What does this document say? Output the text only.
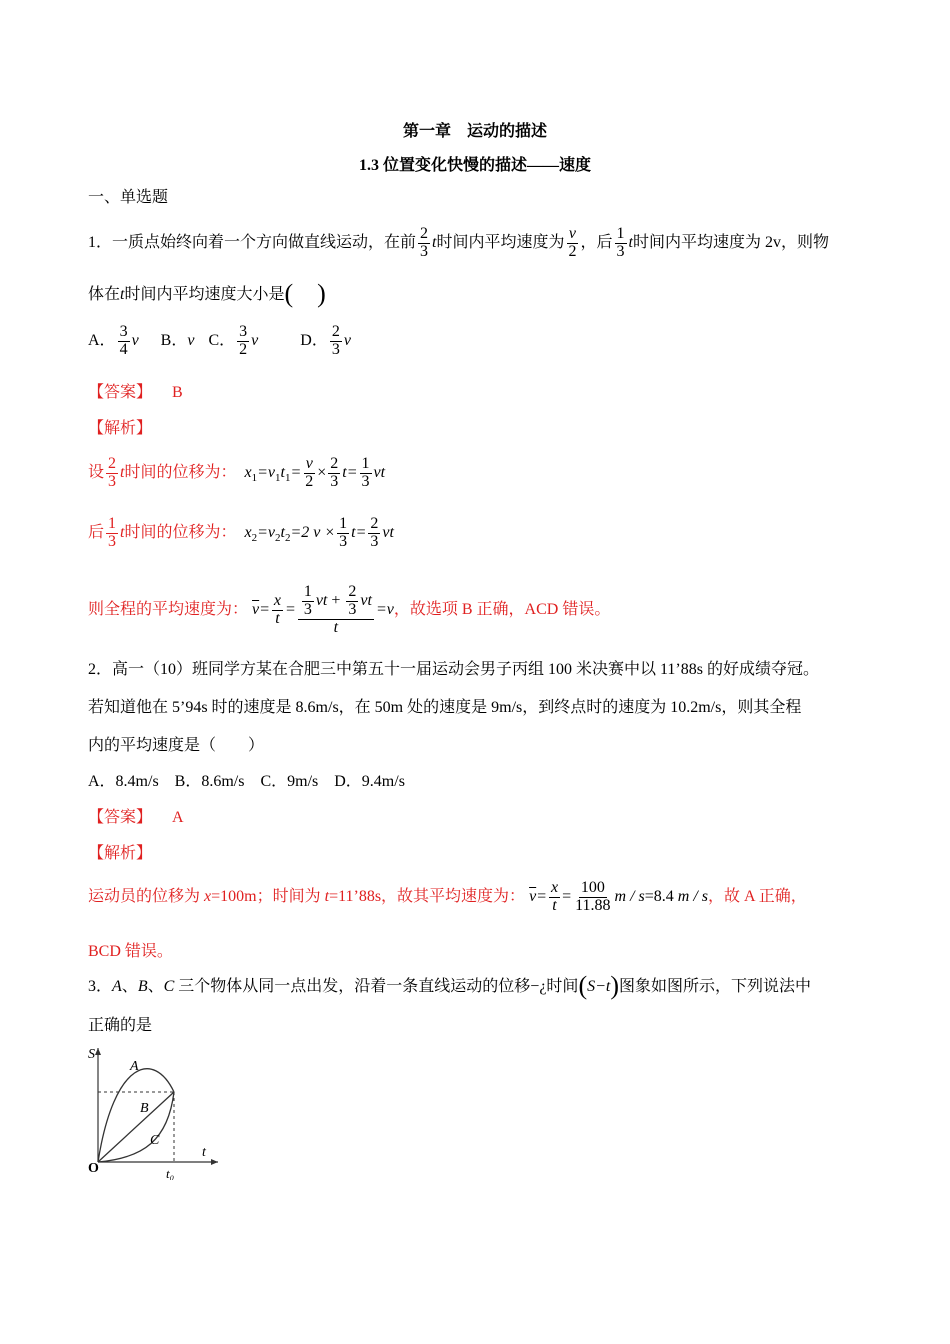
第一章　运动的描述
1.3 位置变化快慢的描述——速度
一、单选题
1．一质点始终向着一个方向做直线运动，在前 $\frac{2}{3}$ t时间内平均速度为 $\frac{v}{2}$ ，后 $\frac{1}{3}$ t时间内平均速度为 2v，则物
体在t时间内平均速度大小是( )
A． $\frac{3}{4}$ v B．v C． $\frac{3}{2}$ v	D． $\frac{2}{3}$ v
【答案】 B
【解析】
设 $\frac{2}{3}$ t时间的位移为：  $x_1=v_1t_1= \frac{v}{2} \times \frac{2}{3} t= \frac{1}{3}$ vt
后 $\frac{1}{3}$ t时间的位移为：  $x_2=v_2t_2=2$ $v \times \frac{1}{3} t= \frac{2}{3}$ vt
则全程的平均速度为： $\overline{v}= \frac{x}{t} = \frac{\frac{1}{3} vt + \frac{2}{3} vt}{t} =v$，故选项 B 正确，ACD 错误。
2．高一（10）班同学方某在合肥三中第五十一届运动会男子丙组 100 米决赛中以 11’88s 的好成绩夺冠。
若知道他在 5’94s 时的速度是 8.6m/s，在 50m 处的速度是 9m/s，到终点时的速度为 10.2m/s，则其全程
内的平均速度是（　　）
A．8.4m/s　B．8.6m/s　C．9m/s　D．9.4m/s
【答案】 A
【解析】
运动员的位移为 x=100m；时间为 t=11’88s，故其平均速度为： $\overline{v}= \frac{x}{t} = \frac{100}{11.88}$ m / s=8.4 m / s，故 A 正确，
BCD 错误。
3．A、B、C 三个物体从同一点出发，沿着一条直线运动的位移−¿时间(S−t)图象如图所示，下列说法中
正确的是
S
t
O	t₀
A
B
C
